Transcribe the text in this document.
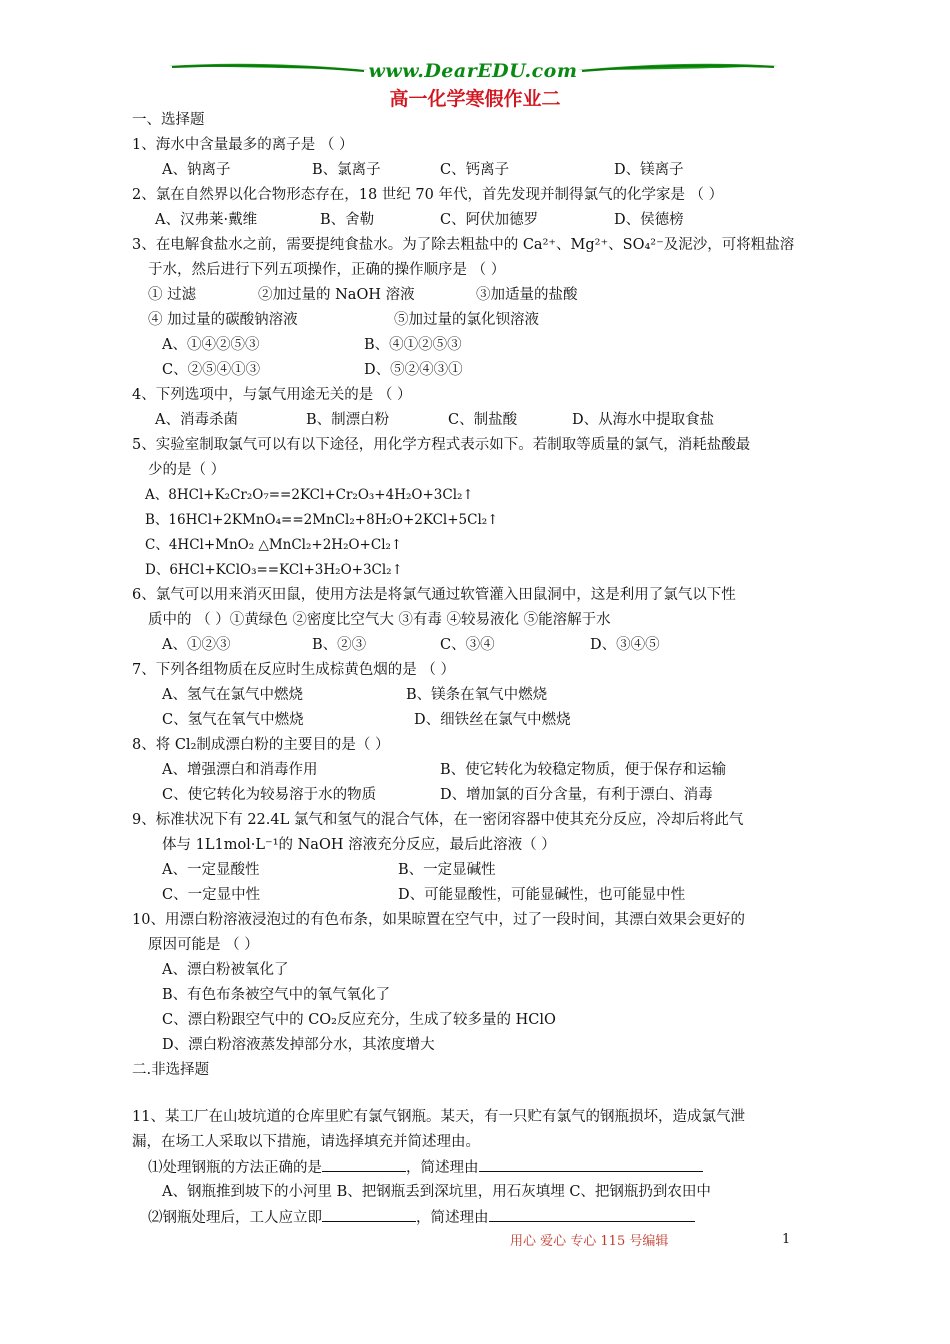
www.DearEDU.com
高一化学寒假作业二
一、选择题
1、海水中含量最多的离子是 （ ）
A、钠离子	B、氯离子	C、钙离子	D、镁离子
2、氯在自然界以化合物形态存在，18 世纪 70 年代，首先发现并制得氯气的化学家是 （ ）
A、汉弗莱·戴维	B、舍勒	C、阿伏加德罗	D、侯德榜
3、在电解食盐水之前，需要提纯食盐水。为了除去粗盐中的 Ca²⁺、Mg²⁺、SO₄²⁻及泥沙，可将粗盐溶
于水，然后进行下列五项操作，正确的操作顺序是 （ ）
① 过滤	②加过量的 NaOH 溶液	③加适量的盐酸
④ 加过量的碳酸钠溶液	⑤加过量的氯化钡溶液
A、①④②⑤③	B、④①②⑤③
C、②⑤④①③	D、⑤②④③①
4、下列选项中，与氯气用途无关的是 （ ）
A、消毒杀菌	B、制漂白粉	C、制盐酸	D、从海水中提取食盐
5、实验室制取氯气可以有以下途径，用化学方程式表示如下。若制取等质量的氯气，消耗盐酸最
少的是（ ）
A、8HCl+K₂Cr₂O₇==2KCl+Cr₂O₃+4H₂O+3Cl₂↑
B、16HCl+2KMnO₄==2MnCl₂+8H₂O+2KCl+5Cl₂↑
C、4HCl+MnO₂ △MnCl₂+2H₂O+Cl₂↑
D、6HCl+KClO₃==KCl+3H₂O+3Cl₂↑
6、氯气可以用来消灭田鼠，使用方法是将氯气通过软管灌入田鼠洞中，这是利用了氯气以下性
质中的 （ ）①黄绿色 ②密度比空气大 ③有毒 ④较易液化 ⑤能溶解于水
A、①②③	B、②③	C、③④	D、③④⑤
7、下列各组物质在反应时生成棕黄色烟的是 （ ）
A、氢气在氯气中燃烧	B、镁条在氧气中燃烧
C、氢气在氧气中燃烧	D、细铁丝在氯气中燃烧
8、将 Cl₂制成漂白粉的主要目的是（ ）
A、增强漂白和消毒作用	B、使它转化为较稳定物质，便于保存和运输
C、使它转化为较易溶于水的物质	D、增加氯的百分含量，有利于漂白、消毒
9、标准状况下有 22.4L 氯气和氢气的混合气体，在一密闭容器中使其充分反应，冷却后将此气
体与 1L1mol·L⁻¹的 NaOH 溶液充分反应，最后此溶液（ ）
A、一定显酸性	B、一定显碱性
C、一定显中性	D、可能显酸性，可能显碱性，也可能显中性
10、用漂白粉溶液浸泡过的有色布条，如果晾置在空气中，过了一段时间，其漂白效果会更好的
原因可能是 （ ）
A、漂白粉被氧化了
B、有色布条被空气中的氧气氧化了
C、漂白粉跟空气中的 CO₂反应充分，生成了较多量的 HClO
D、漂白粉溶液蒸发掉部分水，其浓度增大
二.非选择题
11、某工厂在山坡坑道的仓库里贮有氯气钢瓶。某天，有一只贮有氯气的钢瓶损坏，造成氯气泄
漏，在场工人采取以下措施，请选择填充并简述理由。
⑴处理钢瓶的方法正确的是	，简述理由
A、钢瓶推到坡下的小河里 B、把钢瓶丢到深坑里，用石灰填埋 C、把钢瓶扔到农田中
⑵钢瓶处理后，工人应立即	，简述理由
用心 爱心 专心 115 号编辑	1
